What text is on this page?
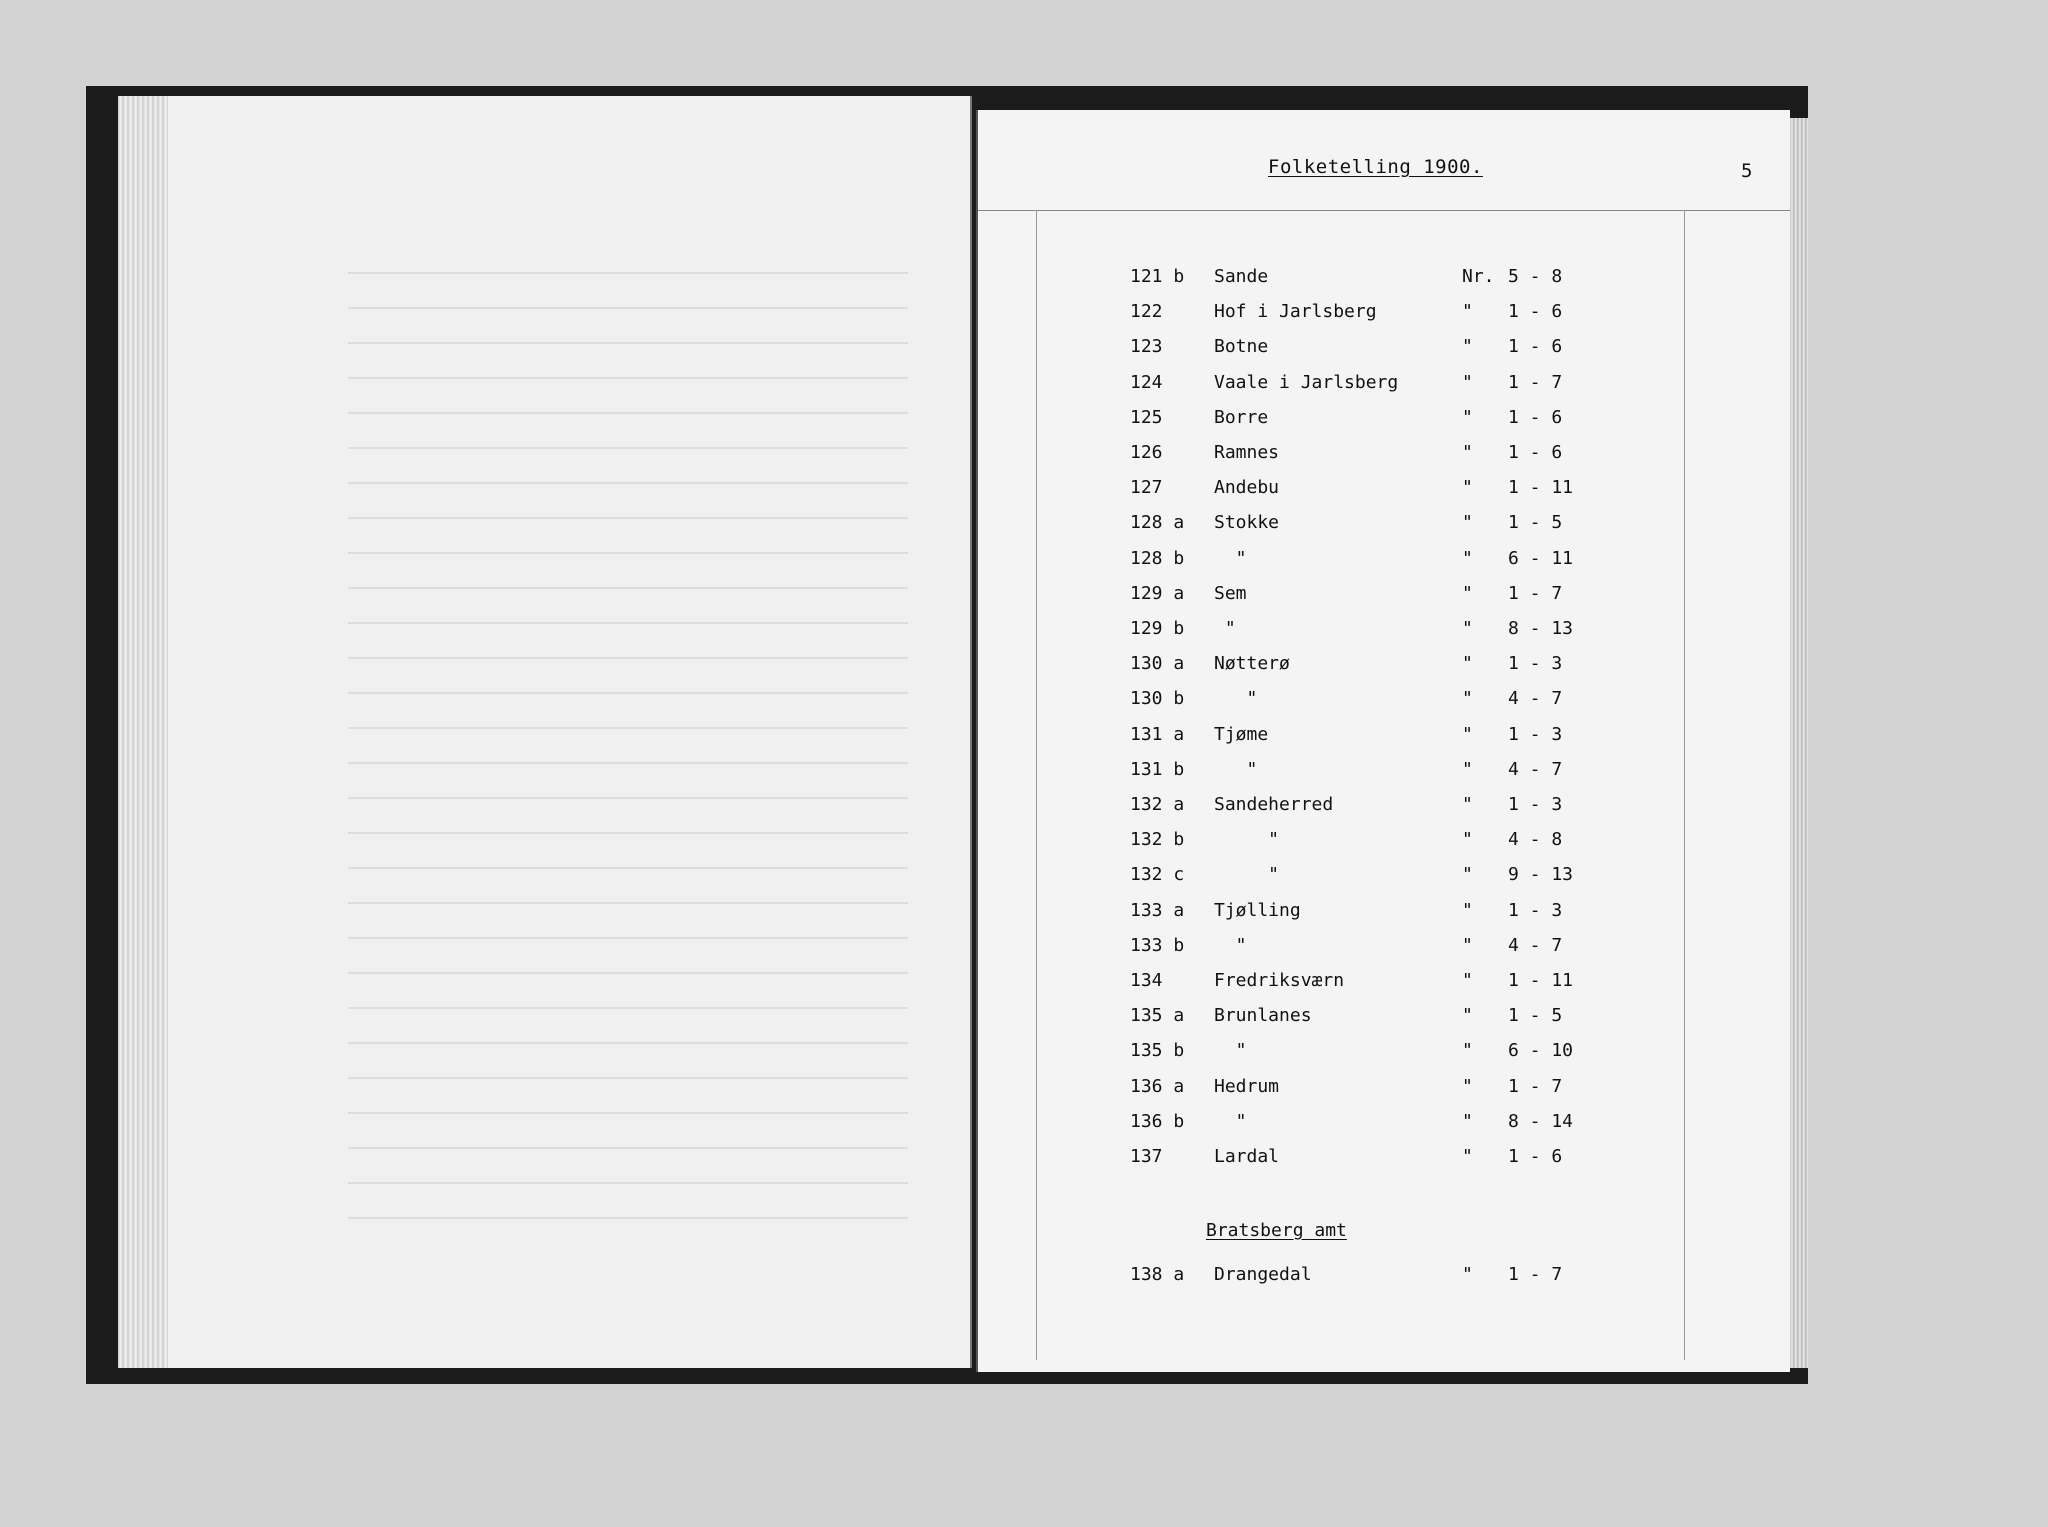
Folketelling 1900.	5
121 b Sande	Nr. 5 - 8
122	Hof i Jarlsberg	" 1 - 6
123	Botne	" 1 - 6
124	Vaale i Jarlsberg	" 1 - 7
125	Borre	" 1 - 6
126	Ramnes	" 1 - 6
127	Andebu	" 1 - 11
128 a Stokke	" 1 - 5
128 b "	" 6 - 11
129 a Sem	" 1 - 7
129 b "	" 8 - 13
130 a Nøtterø	" 1 - 3
130 b "	" 4 - 7
131 a Tjøme	" 1 - 3
131 b "	" 4 - 7
132 a Sandeherred	" 1 - 3
132 b "	" 4 - 8
132 c "	" 9 - 13
133 a Tjølling	" 1 - 3
133 b "	" 4 - 7
134	Fredriksværn	" 1 - 11
135 a Brunlanes	" 1 - 5
135 b "	" 6 - 10
136 a Hedrum	" 1 - 7
136 b "	" 8 - 14
137	Lardal	" 1 - 6
Bratsberg amt
138 a Drangedal	" 1 - 7
